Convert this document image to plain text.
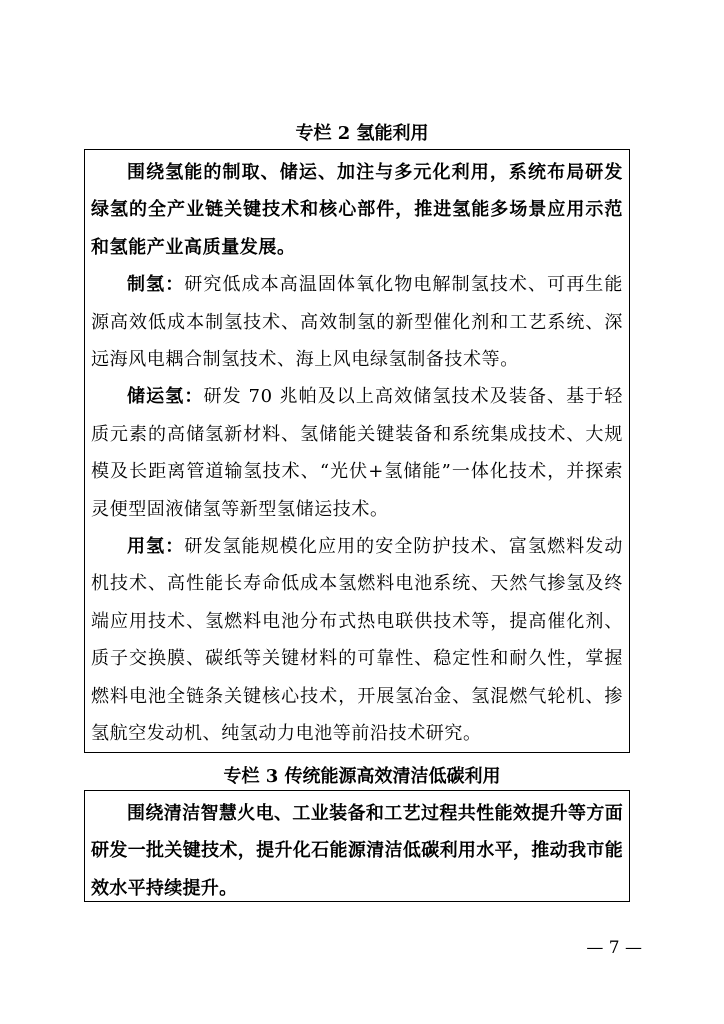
专栏 2 氢能利用

围绕氢能的制取、储运、加注与多元化利用，系统布局研发绿氢的全产业链关键技术和核心部件，推进氢能多场景应用示范和氢能产业高质量发展。

制氢：研究低成本高温固体氧化物电解制氢技术、可再生能源高效低成本制氢技术、高效制氢的新型催化剂和工艺系统、深远海风电耦合制氢技术、海上风电绿氢制备技术等。

储运氢：研发 70 兆帕及以上高效储氢技术及装备、基于轻质元素的高储氢新材料、氢储能关键装备和系统集成技术、大规模及长距离管道输氢技术、“光伏+氢储能”一体化技术，并探索灵便型固液储氢等新型氢储运技术。

用氢：研发氢能规模化应用的安全防护技术、富氢燃料发动机技术、高性能长寿命低成本氢燃料电池系统、天然气掺氢及终端应用技术、氢燃料电池分布式热电联供技术等，提高催化剂、质子交换膜、碳纸等关键材料的可靠性、稳定性和耐久性，掌握燃料电池全链条关键核心技术，开展氢冶金、氢混燃气轮机、掺氢航空发动机、纯氢动力电池等前沿技术研究。

专栏 3 传统能源高效清洁低碳利用

围绕清洁智慧火电、工业装备和工艺过程共性能效提升等方面研发一批关键技术，提升化石能源清洁低碳利用水平，推动我市能效水平持续提升。

— 7 —
